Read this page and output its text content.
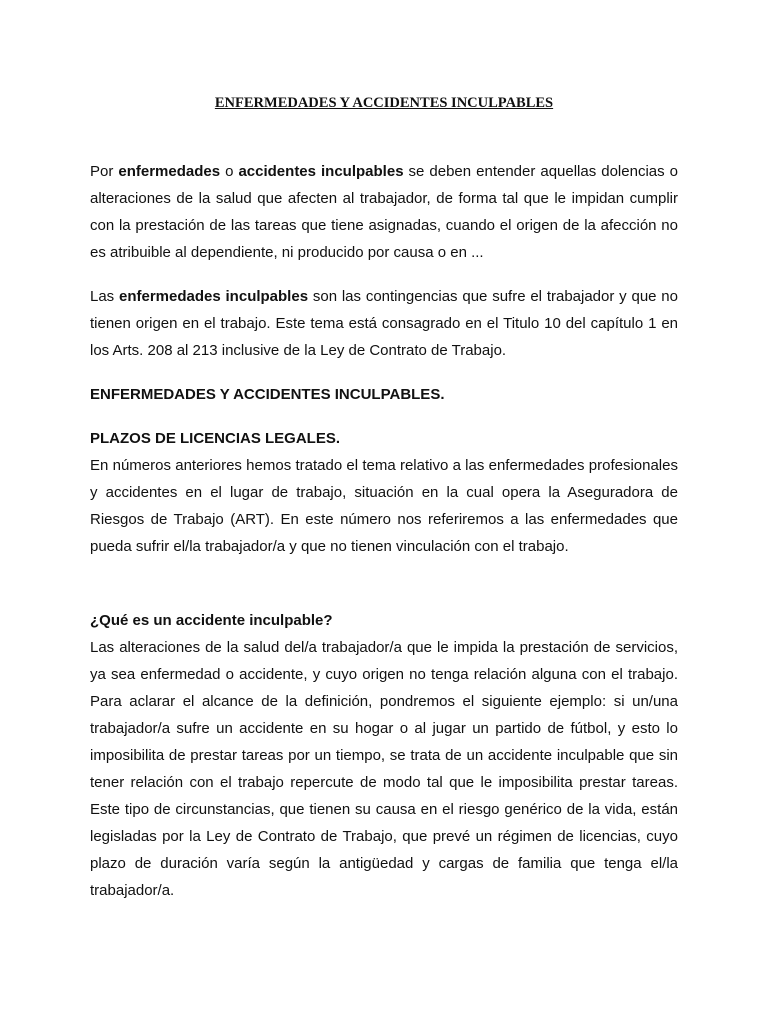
ENFERMEDADES Y ACCIDENTES INCULPABLES

Por enfermedades o accidentes inculpables se deben entender aquellas dolencias o alteraciones de la salud que afecten al trabajador, de forma tal que le impidan cumplir con la prestación de las tareas que tiene asignadas, cuando el origen de la afección no es atribuible al dependiente, ni producido por causa o en ...

Las enfermedades inculpables son las contingencias que sufre el trabajador y que no tienen origen en el trabajo. Este tema está consagrado en el Titulo 10 del capítulo 1 en los Arts. 208 al 213 inclusive de la Ley de Contrato de Trabajo.

ENFERMEDADES Y ACCIDENTES INCULPABLES.

PLAZOS DE LICENCIAS LEGALES.

En números anteriores hemos tratado el tema relativo a las enfermedades profesionales y accidentes en el lugar de trabajo, situación en la cual opera la Aseguradora de Riesgos de Trabajo (ART). En este número nos referiremos a las enfermedades que pueda sufrir el/la trabajador/a y que no tienen vinculación con el trabajo.

¿Qué es un accidente inculpable?

Las alteraciones de la salud del/a trabajador/a que le impida la prestación de servicios, ya sea enfermedad o accidente, y cuyo origen no tenga relación alguna con el trabajo. Para aclarar el alcance de la definición, pondremos el siguiente ejemplo: si un/una trabajador/a sufre un accidente en su hogar o al jugar un partido de fútbol, y esto lo imposibilita de prestar tareas por un tiempo, se trata de un accidente inculpable que sin tener relación con el trabajo repercute de modo tal que le imposibilita prestar tareas. Este tipo de circunstancias, que tienen su causa en el riesgo genérico de la vida, están legisladas por la Ley de Contrato de Trabajo, que prevé un régimen de licencias, cuyo plazo de duración varía según la antigüedad y cargas de familia que tenga el/la trabajador/a.
